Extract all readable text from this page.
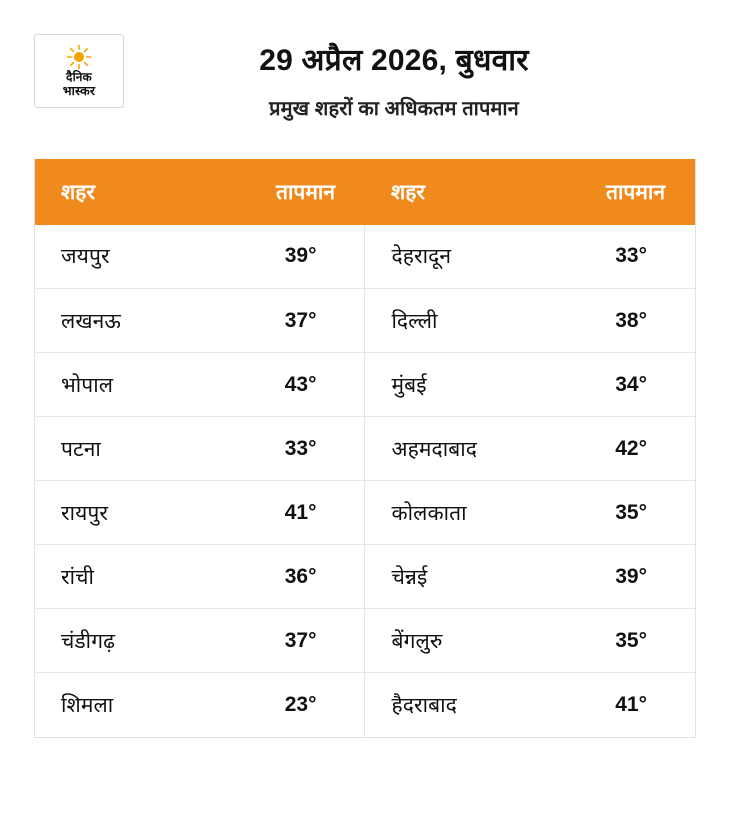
दैनिक
भास्कर
29 अप्रैल 2026, बुधवार
प्रमुख शहरों का अधिकतम तापमान
शहर	तापमान	शहर	तापमान
जयपुर	39°	देहरादून	33°
लखनऊ	37°	दिल्ली	38°
भोपाल	43°	मुंबई	34°
पटना	33°	अहमदाबाद	42°
रायपुर	41°	कोलकाता	35°
रांची	36°	चेन्नई	39°
चंडीगढ़	37°	बेंगलुरु	35°
शिमला	23°	हैदराबाद	41°
